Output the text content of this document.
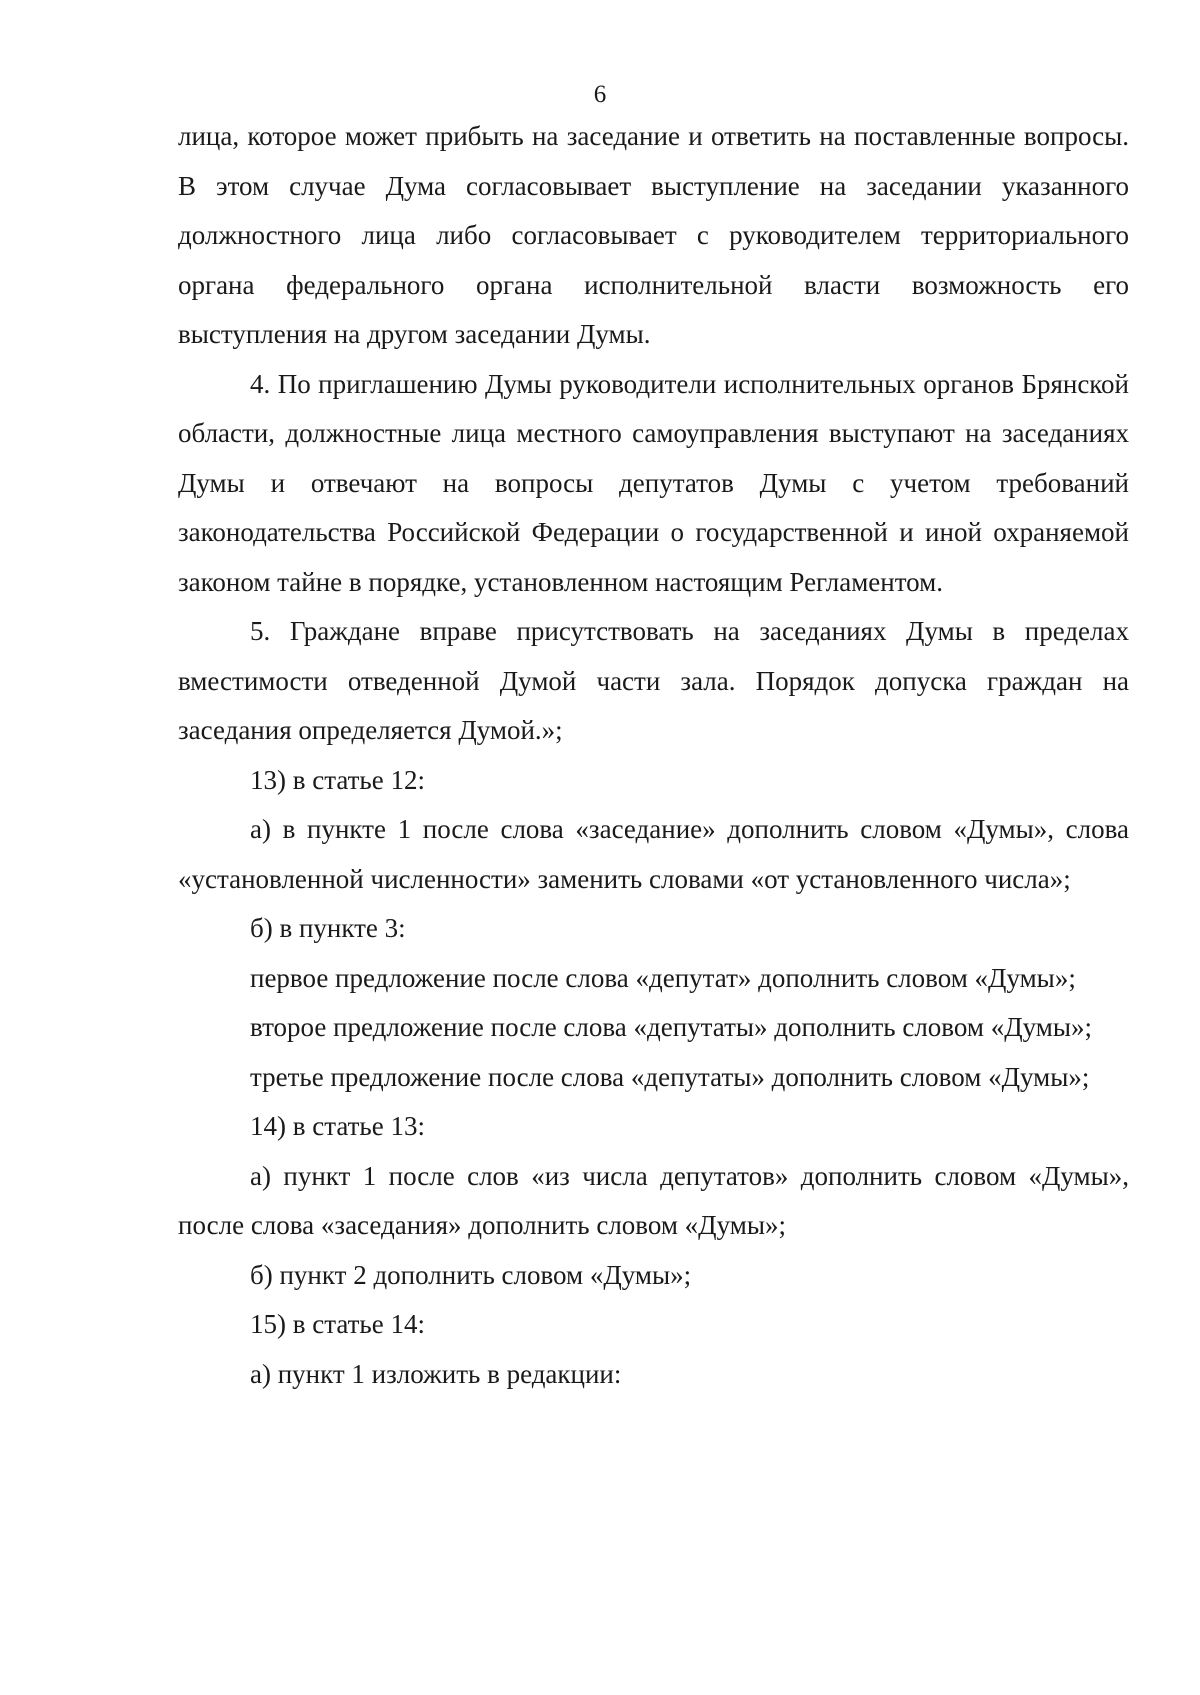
6

лица, которое может прибыть на заседание и ответить на поставленные вопросы. В этом случае Дума согласовывает выступление на заседании указанного должностного лица либо согласовывает с руководителем территориального органа федерального органа исполнительной власти возможность его выступления на другом заседании Думы.

4. По приглашению Думы руководители исполнительных органов Брянской области, должностные лица местного самоуправления выступают на заседаниях Думы и отвечают на вопросы депутатов Думы с учетом требований законодательства Российской Федерации о государственной и иной охраняемой законом тайне в порядке, установленном настоящим Регламентом.

5. Граждане вправе присутствовать на заседаниях Думы в пределах вместимости отведенной Думой части зала. Порядок допуска граждан на заседания определяется Думой.»;

13) в статье 12:

а) в пункте 1 после слова «заседание» дополнить словом «Думы», слова «установленной численности» заменить словами «от установленного числа»;

б) в пункте 3:

первое предложение после слова «депутат» дополнить словом «Думы»;

второе предложение после слова «депутаты» дополнить словом «Думы»;

третье предложение после слова «депутаты» дополнить словом «Думы»;

14) в статье 13:

а) пункт 1 после слов «из числа депутатов» дополнить словом «Думы», после слова «заседания» дополнить словом «Думы»;

б) пункт 2 дополнить словом «Думы»;

15) в статье 14:

а) пункт 1 изложить в редакции:
